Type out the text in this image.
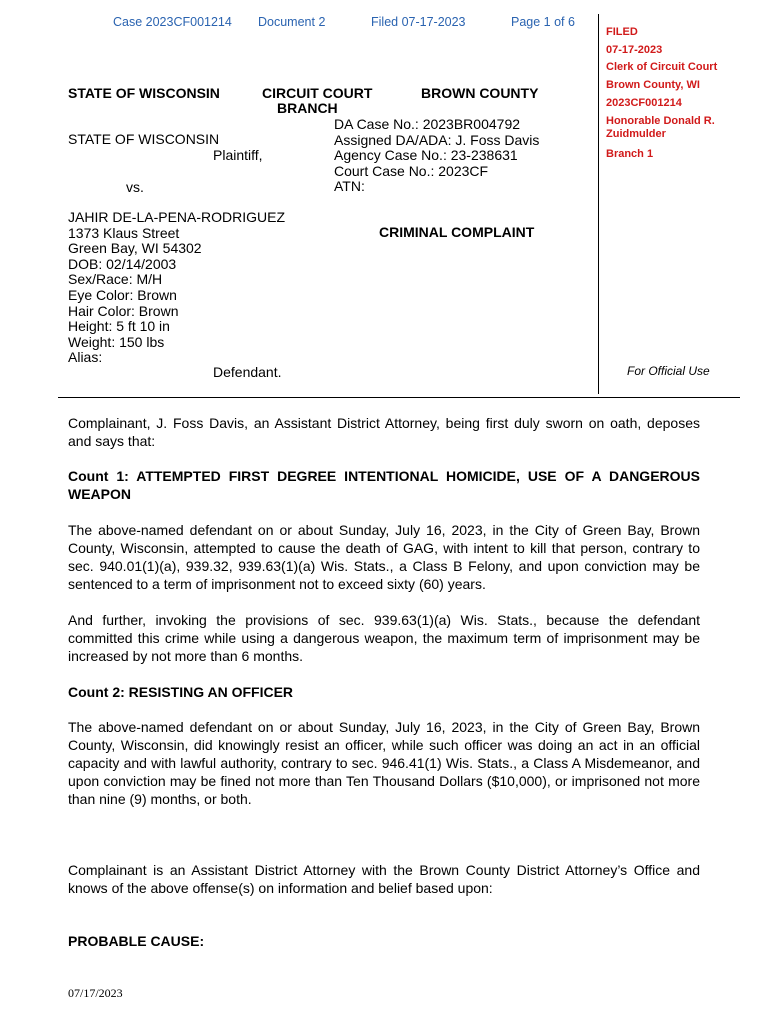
Case 2023CF001214 Document 2	Filed 07-17-2023	Page 1 of 6
FILED
07-17-2023
Clerk of Circuit Court
Brown County, WI
2023CF001214
Honorable Donald R.
Zuidmulder
Branch 1
STATE OF WISCONSIN	CIRCUIT COURT
BRANCH
BROWN COUNTY
STATE OF WISCONSIN
Plaintiff,
vs.
DA Case No.: 2023BR004792
Assigned DA/ADA: J. Foss Davis
Agency Case No.: 23-238631
Court Case No.: 2023CF
ATN:
JAHIR DE-LA-PENA-RODRIGUEZ
1373 Klaus Street
Green Bay, WI 54302
DOB: 02/14/2003
Sex/Race: M/H
Eye Color: Brown
Hair Color: Brown
Height: 5 ft 10 in
Weight: 150 lbs
Alias:
Defendant.
CRIMINAL COMPLAINT
For Official Use
Complainant, J. Foss Davis, an Assistant District Attorney, being first duly sworn on oath, deposes and says that:
Count 1: ATTEMPTED FIRST DEGREE INTENTIONAL HOMICIDE, USE OF A DANGEROUS WEAPON
The above-named defendant on or about Sunday, July 16, 2023, in the City of Green Bay, Brown County, Wisconsin, attempted to cause the death of GAG, with intent to kill that person, contrary to sec. 940.01(1)(a), 939.32, 939.63(1)(a) Wis. Stats., a Class B Felony, and upon conviction may be sentenced to a term of imprisonment not to exceed sixty (60) years.
And further, invoking the provisions of sec. 939.63(1)(a) Wis. Stats., because the defendant committed this crime while using a dangerous weapon, the maximum term of imprisonment may be increased by not more than 6 months.
Count 2: RESISTING AN OFFICER
The above-named defendant on or about Sunday, July 16, 2023, in the City of Green Bay, Brown County, Wisconsin, did knowingly resist an officer, while such officer was doing an act in an official capacity and with lawful authority, contrary to sec. 946.41(1) Wis. Stats., a Class A Misdemeanor, and upon conviction may be fined not more than Ten Thousand Dollars ($10,000), or imprisoned not more than nine (9) months, or both.
Complainant is an Assistant District Attorney with the Brown County District Attorney’s Office and knows of the above offense(s) on information and belief based upon:
PROBABLE CAUSE:
07/17/2023
